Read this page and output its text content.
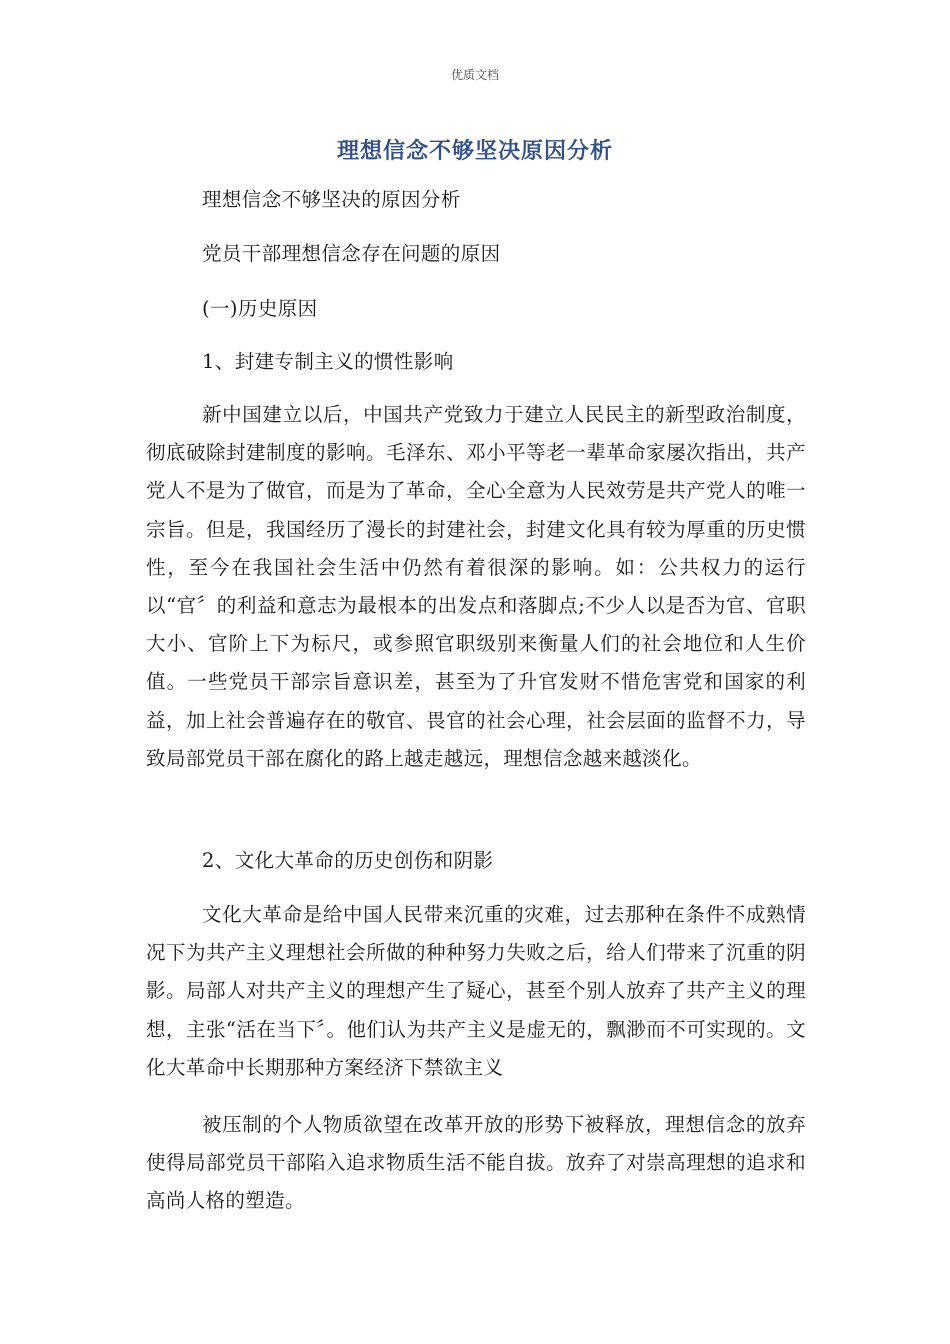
优质文档
理想信念不够坚决原因分析
理想信念不够坚决的原因分析
党员干部理想信念存在问题的原因
(一)历史原因
1、封建专制主义的惯性影响

新中国建立以后，中国共产党致力于建立人民民主的新型政治制度，彻底破除封建制度的影响。毛泽东、邓小平等老一辈革命家屡次指出，共产党人不是为了做官，而是为了革命，全心全意为人民效劳是共产党人的唯一宗旨。但是，我国经历了漫长的封建社会，封建文化具有较为厚重的历史惯性，至今在我国社会生活中仍然有着很深的影响。如：公共权力的运行以“官〞的利益和意志为最根本的出发点和落脚点;不少人以是否为官、官职大小、官阶上下为标尺，或参照官职级别来衡量人们的社会地位和人生价值。一些党员干部宗旨意识差，甚至为了升官发财不惜危害党和国家的利益，加上社会普遍存在的敬官、畏官的社会心理，社会层面的监督不力，导致局部党员干部在腐化的路上越走越远，理想信念越来越淡化。

2、文化大革命的历史创伤和阴影

文化大革命是给中国人民带来沉重的灾难，过去那种在条件不成熟情况下为共产主义理想社会所做的种种努力失败之后，给人们带来了沉重的阴影。局部人对共产主义的理想产生了疑心，甚至个别人放弃了共产主义的理想，主张“活在当下〞。他们认为共产主义是虚无的，飘渺而不可实现的。文化大革命中长期那种方案经济下禁欲主义

被压制的个人物质欲望在改革开放的形势下被释放，理想信念的放弃使得局部党员干部陷入追求物质生活不能自拔。放弃了对崇高理想的追求和高尚人格的塑造。
